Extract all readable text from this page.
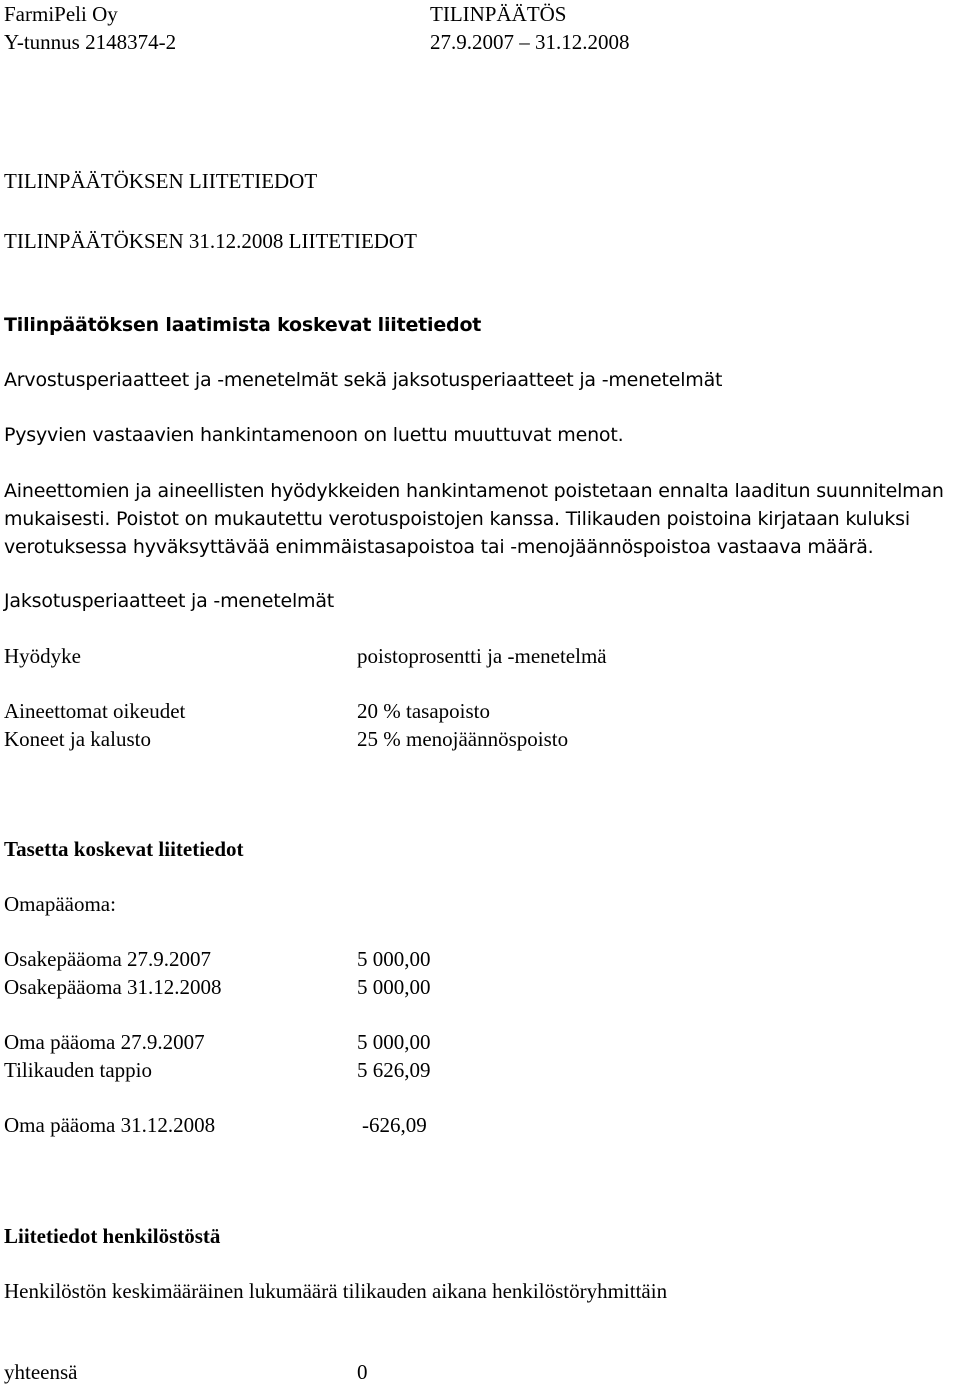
FarmiPeli Oy
Y-tunnus 2148374-2
TILINPÄÄTÖS
27.9.2007 – 31.12.2008
TILINPÄÄTÖKSEN LIITETIEDOT
TILINPÄÄTÖKSEN 31.12.2008 LIITETIEDOT
Tilinpäätöksen laatimista koskevat liitetiedot
Arvostusperiaatteet ja -menetelmät sekä jaksotusperiaatteet ja -menetelmät
Pysyvien vastaavien hankintamenoon on luettu muuttuvat menot.
Aineettomien ja aineellisten hyödykkeiden hankintamenot poistetaan ennalta laaditun suunnitelman
mukaisesti. Poistot on mukautettu verotuspoistojen kanssa. Tilikauden poistoina kirjataan kuluksi
verotuksessa hyväksyttävää enimmäistasapoistoa tai -menojäännöspoistoa vastaava määrä.
Jaksotusperiaatteet ja -menetelmät
Hyödyke	poistoprosentti ja -menetelmä
Aineettomat oikeudet	20 % tasapoisto
Koneet ja kalusto	25 % menojäännöspoisto
Tasetta koskevat liitetiedot
Omapääoma:
Osakepääoma 27.9.2007	5 000,00
Osakepääoma 31.12.2008	5 000,00
Oma pääoma 27.9.2007	5 000,00
Tilikauden tappio	5 626,09
Oma pääoma 31.12.2008	-626,09
Liitetiedot henkilöstöstä
Henkilöstön keskimääräinen lukumäärä tilikauden aikana henkilöstöryhmittäin
yhteensä	0
